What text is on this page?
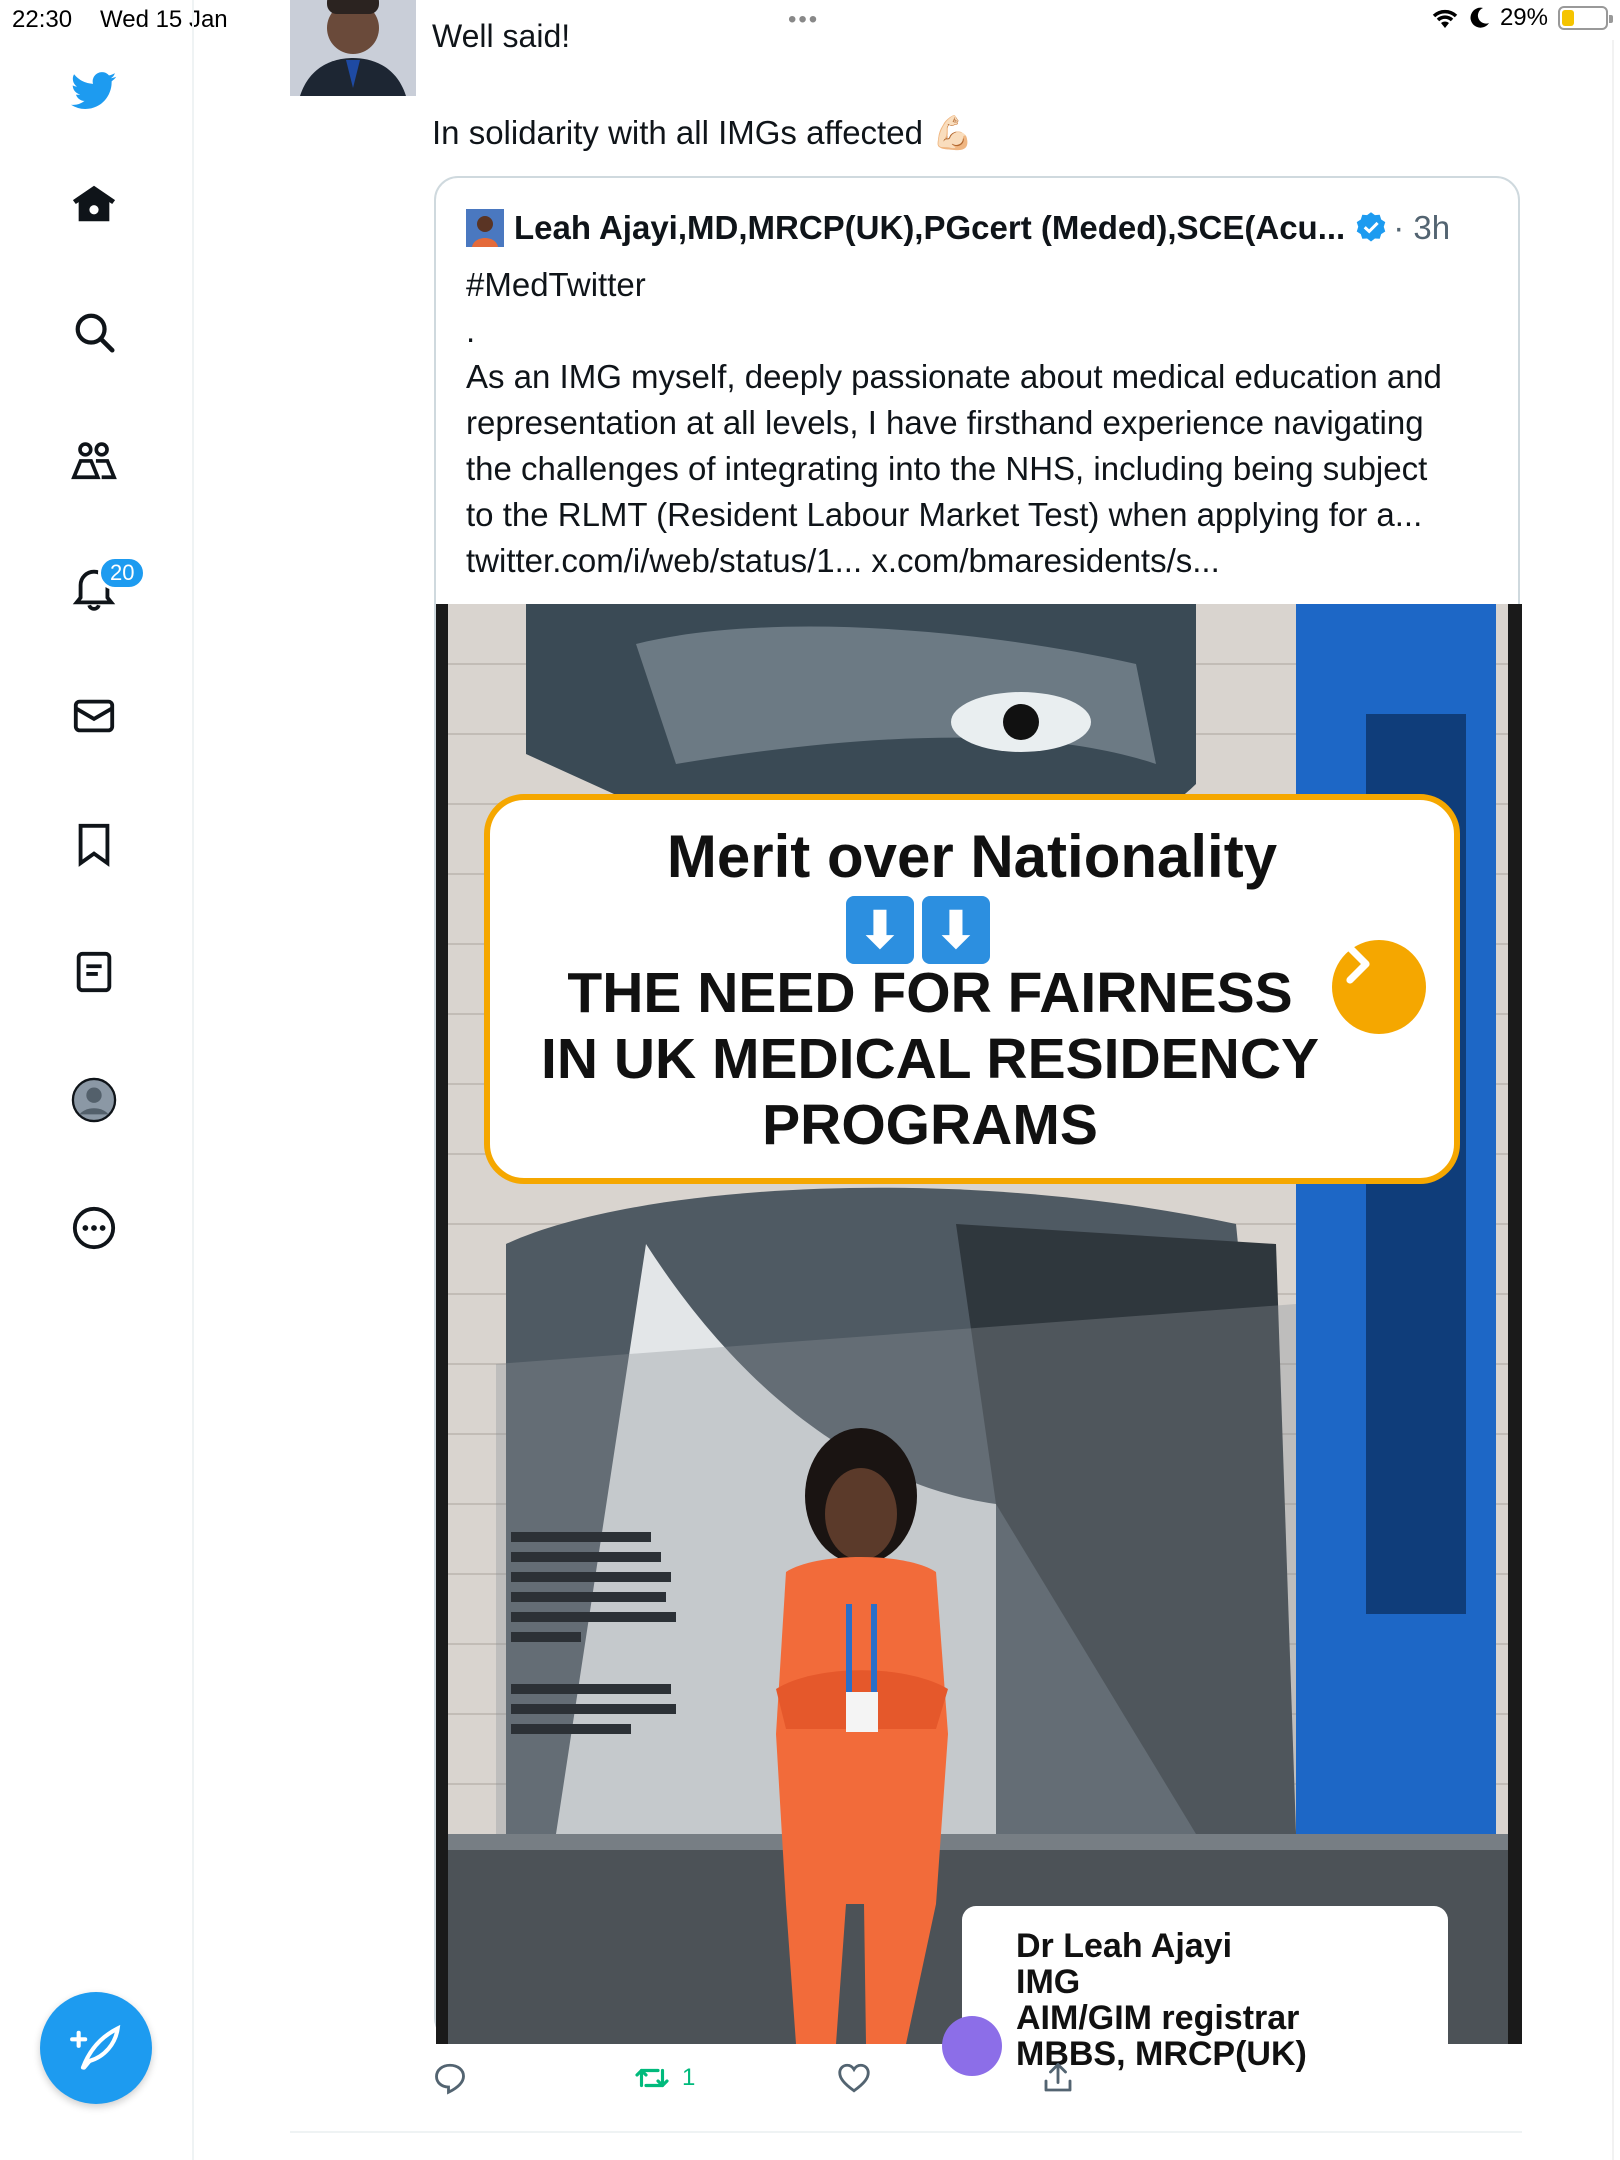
22:30 Wed 15 Jan	•••	29%
20
Well said!
In solidarity with all IMGs affected 💪🏻
Leah Ajayi,MD,MRCP(UK),PGcert (Meded),SCE(Acu... · 3h
#MedTwitter
.
As an IMG myself, deeply passionate about medical education and
representation at all levels, I have firsthand experience navigating
the challenges of integrating into the NHS, including being subject
to the RLMT (Resident Labour Market Test) when applying for a...
twitter.com/i/web/status/1... x.com/bmaresidents/s...
Merit over Nationality
⬇ ⬇
THE NEED FOR FAIRNESS
IN UK MEDICAL RESIDENCY
PROGRAMS
Dr Leah Ajayi
IMG
AIM/GIM registrar
MBBS, MRCP(UK)
1
